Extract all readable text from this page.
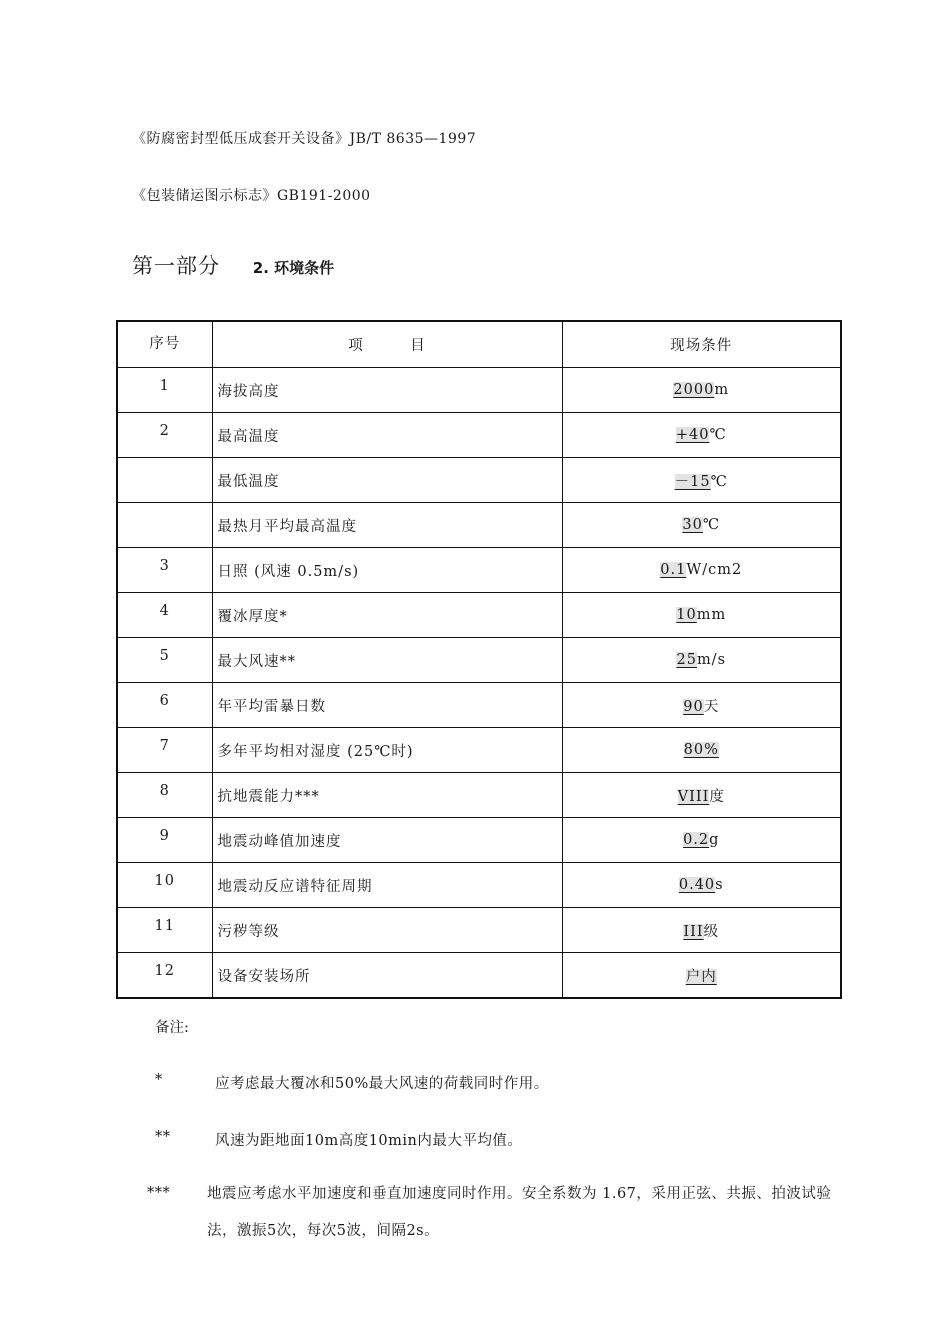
《防腐密封型低压成套开关设备》JB/T 8635—1997
《包装储运图示标志》GB191-2000
第一部分 2. 环境条件
序号	项　　　目	现场条件
1	海拔高度	2000m
2	最高温度	+40℃
	最低温度	－15℃
	最热月平均最高温度	30℃
3	日照 (风速 0.5m/s)	0.1W/cm2
4	覆冰厚度*	10mm
5	最大风速**	25m/s
6	年平均雷暴日数	90天
7	多年平均相对湿度 (25℃时)	80%
8	抗地震能力***	VIII度
9	地震动峰值加速度	0.2g
10	地震动反应谱特征周期	0.40s
11	污秽等级	III级
12	设备安装场所	户内
备注:
*	应考虑最大覆冰和50%最大风速的荷载同时作用。
**	风速为距地面10m高度10min内最大平均值。
***	地震应考虑水平加速度和垂直加速度同时作用。安全系数为 1.67，采用正弦、共振、拍波试验法，激振5次，每次5波，间隔2s。
